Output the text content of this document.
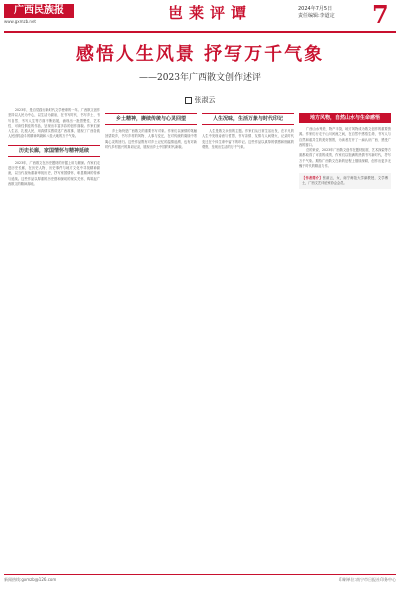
广西民族报
www.gxmzb.net	岜莱评谭	2024年7月5日
责任编辑:李道定 7
感悟人生风景 抒写万千气象
——2023年广西散文创作述评
张淑云

2023年，是自觉践行新时代文学使命的一年。广西散文创作坚持以人民为中心，以生活为源泉，在书写时代、书写乡土、书写自然、书写人生等方面不断拓展，涌现出一批思想性、艺术性、可读性俱佳的作品，呈现出丰富多彩的创作面貌。作家们深入生活、扎根人民，用真情实感讲述广西故事，展现了广西各族人民团结奋斗的精神风貌和八桂大地的万千气象。

历史长廊，家国情怀与精神延续

2023年，广西散文在历史题材的开掘上用力颇深。作家们走进历史长廊，在历史人物、历史事件与地方文化中寻找精神源流，以当代视角重新审视历史，抒写家国情怀，彰显精神的传承与延续。这些作品以厚重的历史感和深切的现实关怀，构筑起广西散文的精神高地。

乡土精神，赓续传统与心灵回望

乡土始终是广西散文的重要书写对象。作家们以深情的笔触回望故乡，书写乡村的风物、人事与变迁，在对传统的赓续中寄寓心灵的回归。这些作品既有对乡土记忆的温情追溯，也有对新时代乡村振兴的真切记录，展现出乡土中国的时代新貌。

人生况味，生活万象与时代印记

人生是散文永恒的主题。作家们从日常生活出发，在平凡的人生中发现诗意与哲思，书写亲情、友情与人间烟火，记录时代变迁在个体生命中留下的印记。这些作品以真挚的情感和细腻的观察，呈现出生活的万千气象。

地方风物，自然山水与生命感悟

广西山水秀美、物产丰饶，地方风物成为散文创作的重要资源。作家们行走于山川河流之间，在自然中感悟生命，书写人与自然和谐共生的美好图景，为读者打开了一扇认识广西、感受广西的窗口。

总的来说，2023年广西散文创作在题材拓展、艺术探索等方面都取得了可喜的成绩，作家们以饱满的热情书写新时代，抒写万千气象。期待广西散文在新的征程上继续深耕，创作出更多无愧于时代的精品力作。

【作者简介】张淑云，女，南宁师范大学副教授，文学博士，广西文艺评论家协会会员。
新闻热线:gxmzb@126.com	印刷单位:南宁市日报社印务中心
